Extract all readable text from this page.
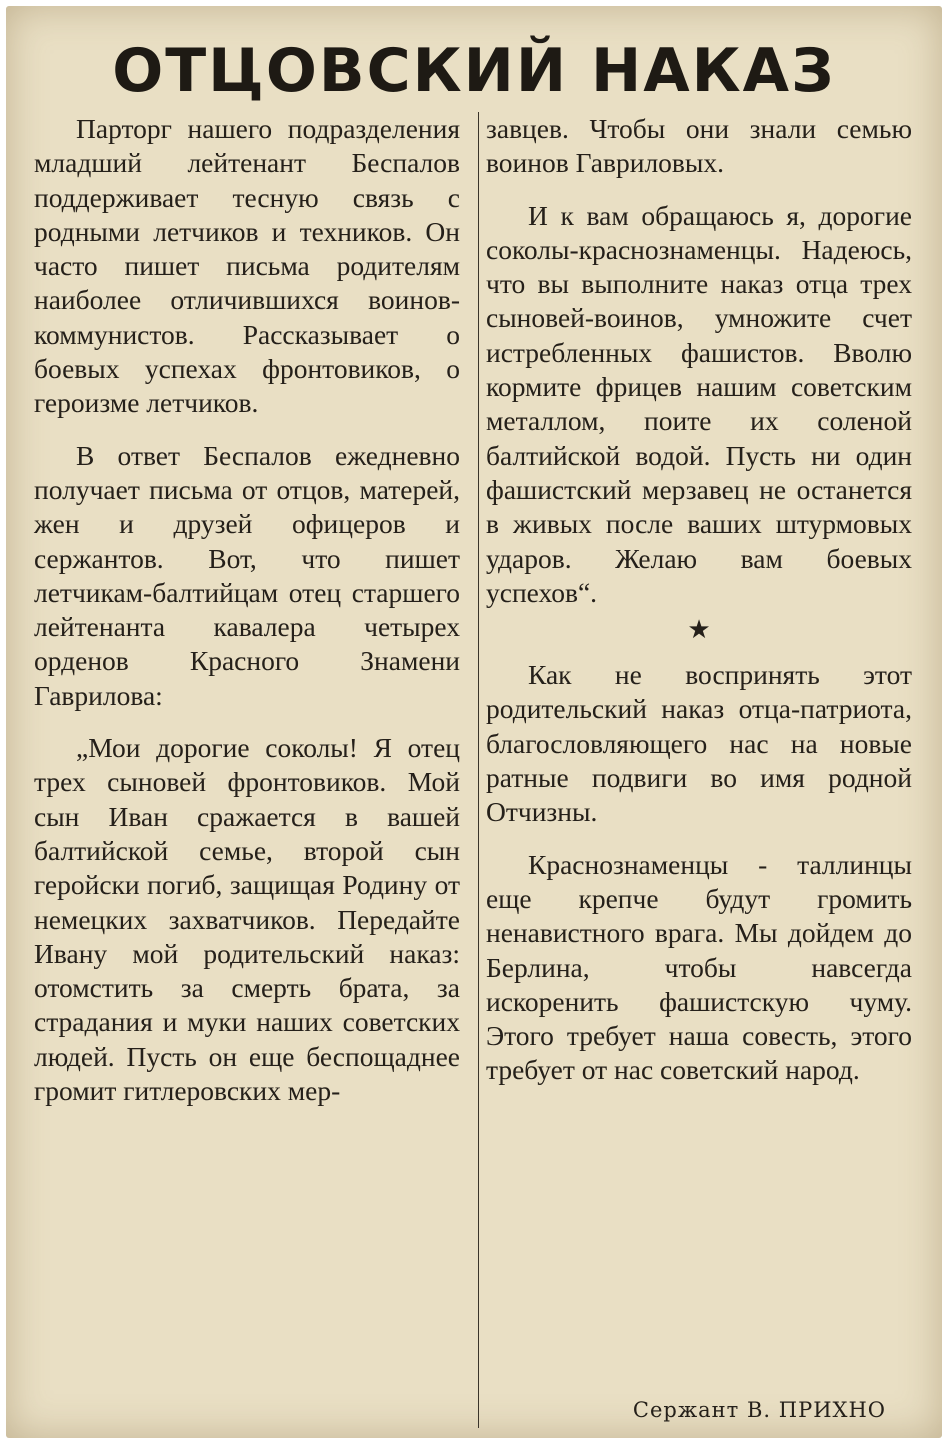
ОТЦОВСКИЙ НАКАЗ

Парторг нашего подразделения младший лейтенант Беспалов поддерживает тесную связь с родными летчиков и техников. Он часто пишет письма родителям наиболее отличившихся воинов-коммунистов. Рассказывает о боевых успехах фронтовиков, о героизме летчиков.

В ответ Беспалов ежедневно получает письма от отцов, матерей, жен и друзей офицеров и сержантов. Вот, что пишет летчикам-балтийцам отец старшего лейтенанта кавалера четырех орденов Красного Знамени Гаврилова:

„Мои дорогие соколы! Я отец трех сыновей фронтовиков. Мой сын Иван сражается в вашей балтийской семье, второй сын геройски погиб, защищая Родину от немецких захватчиков. Передайте Ивану мой родительский наказ: отомстить за смерть брата, за страдания и муки наших советских людей. Пусть он еще беспощаднее громит гитлеровских мер-

завцев. Чтобы они знали семью воинов Гавриловых.

И к вам обращаюсь я, дорогие соколы-краснознаменцы. Надеюсь, что вы выполните наказ отца трех сыновей-воинов, умножите счет истребленных фашистов. Вволю кормите фрицев нашим советским металлом, поите их соленой балтийской водой. Пусть ни один фашистский мерзавец не останется в живых после ваших штурмовых ударов. Желаю вам боевых успехов“.

★

Как не воспринять этот родительский наказ отца-патриота, благословляющего нас на новые ратные подвиги во имя родной Отчизны.

Краснознаменцы - таллинцы еще крепче будут громить ненавистного врага. Мы дойдем до Берлина, чтобы навсегда искоренить фашистскую чуму. Этого требует наша совесть, этого требует от нас советский народ.

Сержант В. ПРИХНО
